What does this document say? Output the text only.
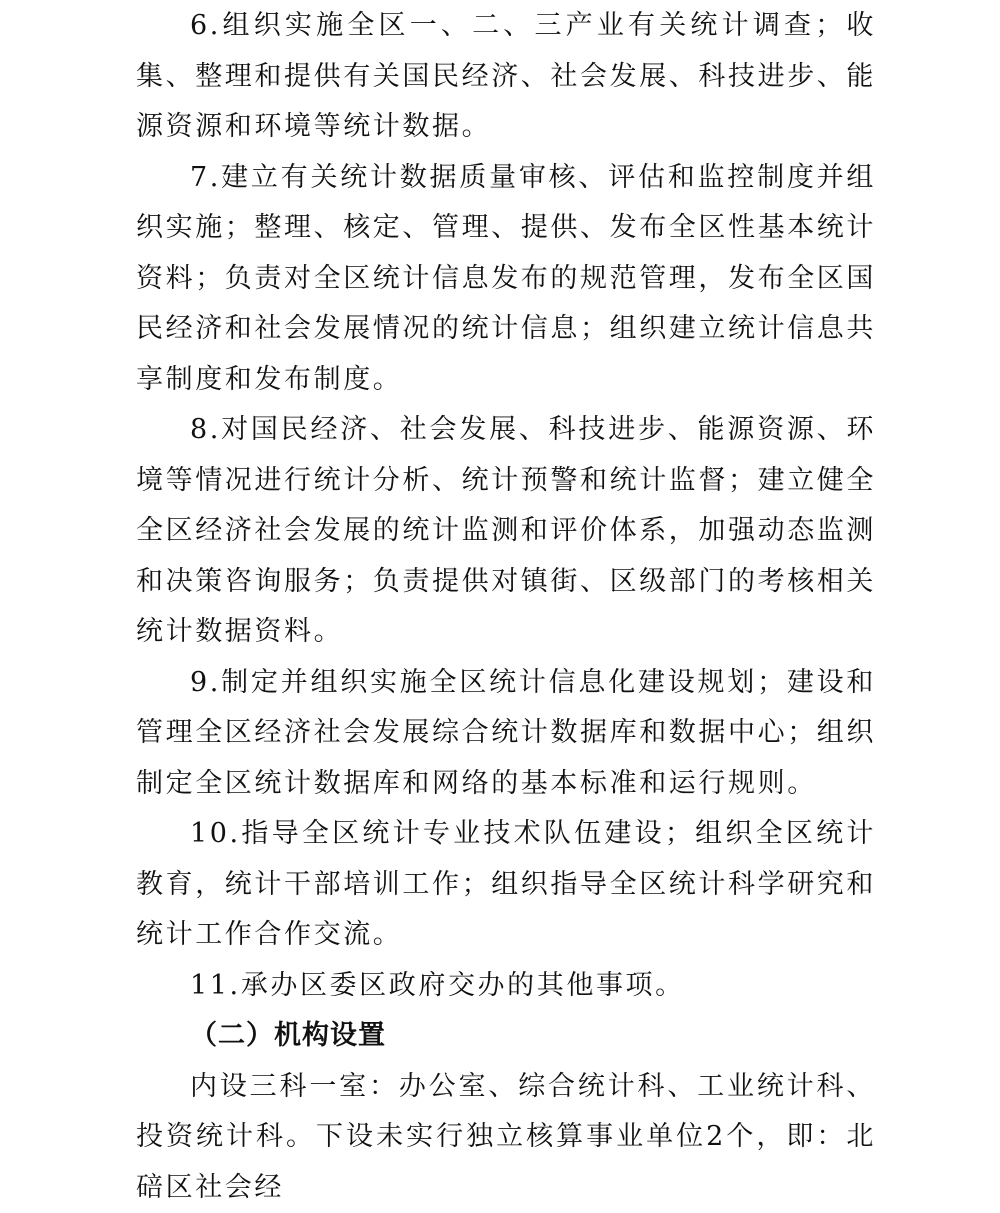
6.组织实施全区一、二、三产业有关统计调查；收集、整理和提供有关国民经济、社会发展、科技进步、能源资源和环境等统计数据。

7.建立有关统计数据质量审核、评估和监控制度并组织实施；整理、核定、管理、提供、发布全区性基本统计资料；负责对全区统计信息发布的规范管理，发布全区国民经济和社会发展情况的统计信息；组织建立统计信息共享制度和发布制度。

8.对国民经济、社会发展、科技进步、能源资源、环境等情况进行统计分析、统计预警和统计监督；建立健全全区经济社会发展的统计监测和评价体系，加强动态监测和决策咨询服务；负责提供对镇街、区级部门的考核相关统计数据资料。

9.制定并组织实施全区统计信息化建设规划；建设和管理全区经济社会发展综合统计数据库和数据中心；组织制定全区统计数据库和网络的基本标准和运行规则。

10.指导全区统计专业技术队伍建设；组织全区统计教育，统计干部培训工作；组织指导全区统计科学研究和统计工作合作交流。

11.承办区委区政府交办的其他事项。

（二）机构设置

内设三科一室：办公室、综合统计科、工业统计科、投资统计科。下设未实行独立核算事业单位2个，即：北碚区社会经
